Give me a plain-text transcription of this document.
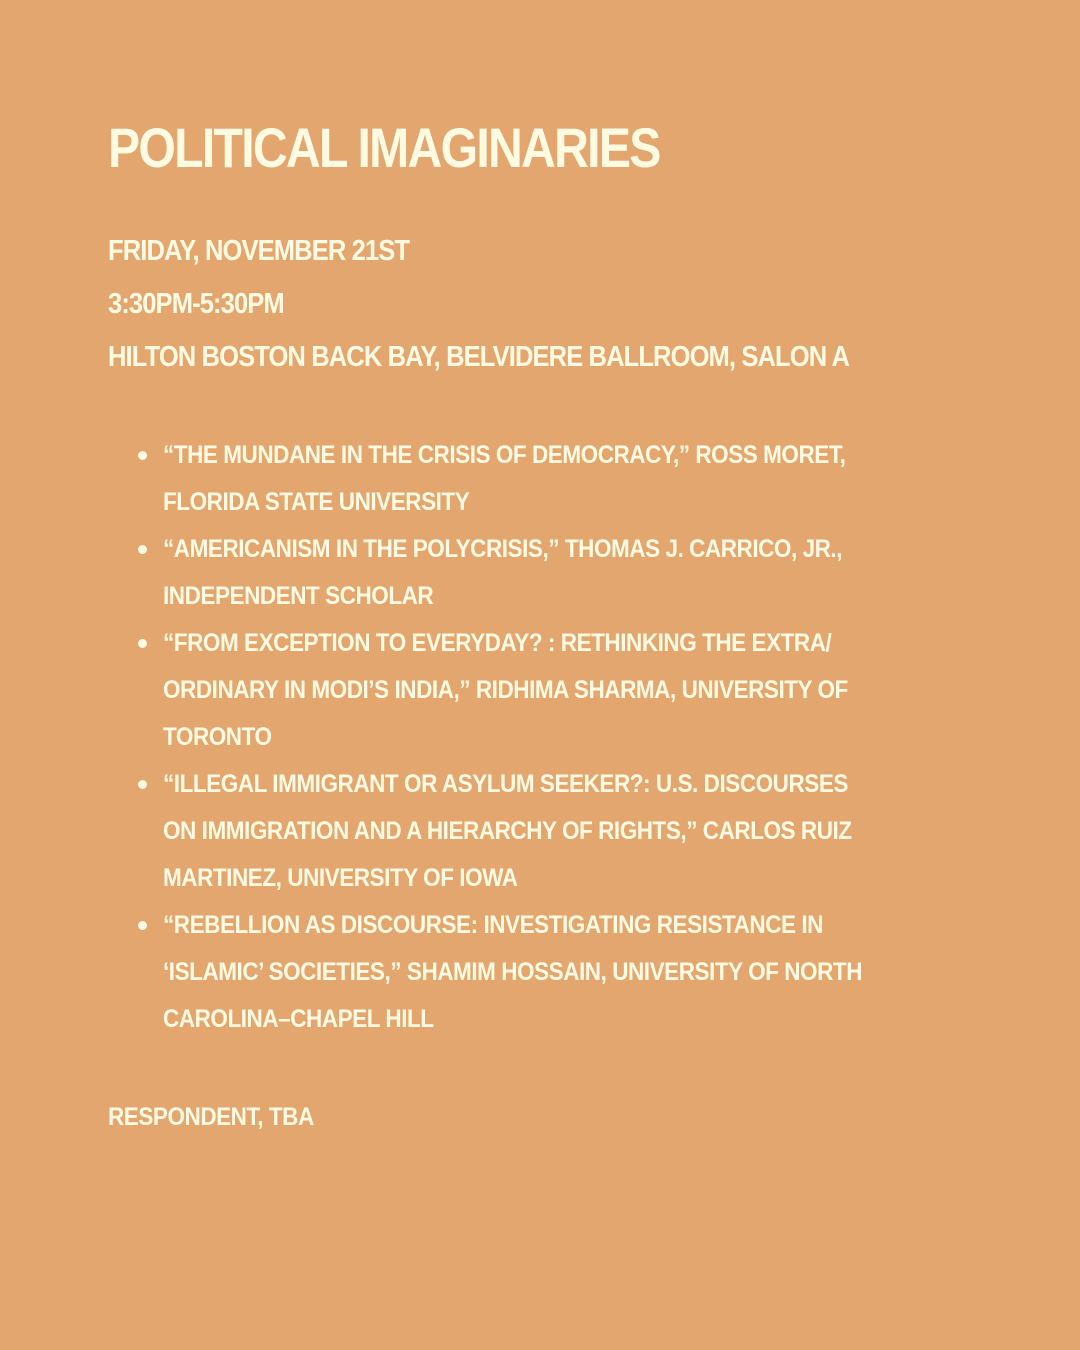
POLITICAL IMAGINARIES
FRIDAY, NOVEMBER 21ST
3:30PM-5:30PM
HILTON BOSTON BACK BAY, BELVIDERE BALLROOM, SALON A
“THE MUNDANE IN THE CRISIS OF DEMOCRACY,” ROSS MORET, FLORIDA STATE UNIVERSITY
“AMERICANISM IN THE POLYCRISIS,” THOMAS J. CARRICO, JR., INDEPENDENT SCHOLAR
“FROM EXCEPTION TO EVERYDAY? : RETHINKING THE EXTRA/ ORDINARY IN MODI’S INDIA,” RIDHIMA SHARMA, UNIVERSITY OF TORONTO
“ILLEGAL IMMIGRANT OR ASYLUM SEEKER?: U.S. DISCOURSES ON IMMIGRATION AND A HIERARCHY OF RIGHTS,” CARLOS RUIZ MARTINEZ, UNIVERSITY OF IOWA
“REBELLION AS DISCOURSE: INVESTIGATING RESISTANCE IN ‘ISLAMIC’ SOCIETIES,” SHAMIM HOSSAIN, UNIVERSITY OF NORTH CAROLINA–CHAPEL HILL
RESPONDENT, TBA
